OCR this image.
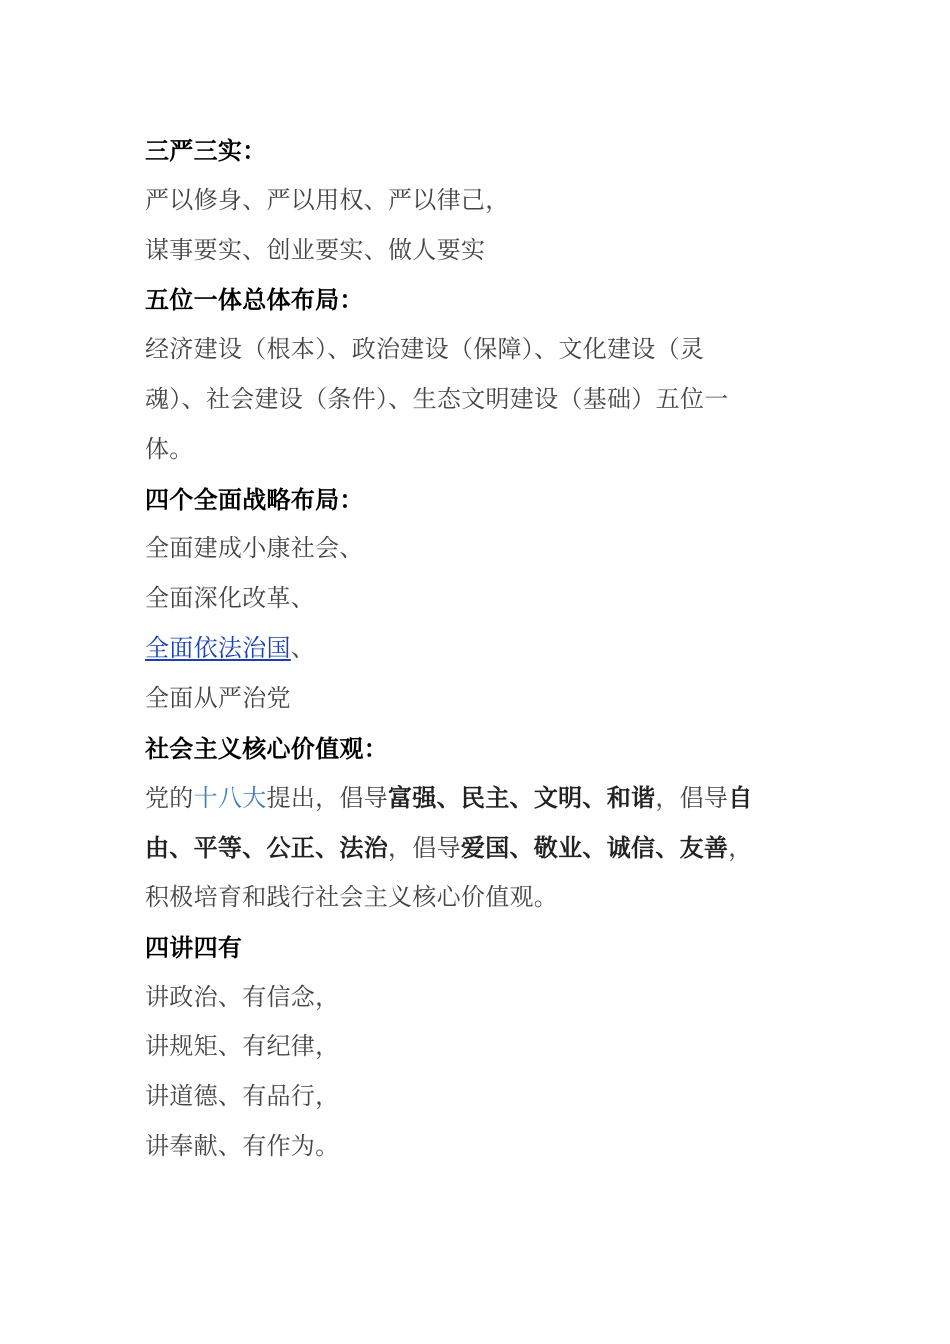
三严三实：
严以修身、严以用权、严以律己，
谋事要实、创业要实、做人要实
五位一体总体布局：
经济建设（根本）、政治建设（保障）、文化建设（灵
魂）、社会建设（条件）、生态文明建设（基础）五位一
体。
四个全面战略布局：
全面建成小康社会、
全面深化改革、
全面依法治国、
全面从严治党
社会主义核心价值观：
党的十八大提出，倡导富强、民主、文明、和谐，倡导自
由、平等、公正、法治，倡导爱国、敬业、诚信、友善，
积极培育和践行社会主义核心价值观。
四讲四有
讲政治、有信念，
讲规矩、有纪律，
讲道德、有品行，
讲奉献、有作为。
